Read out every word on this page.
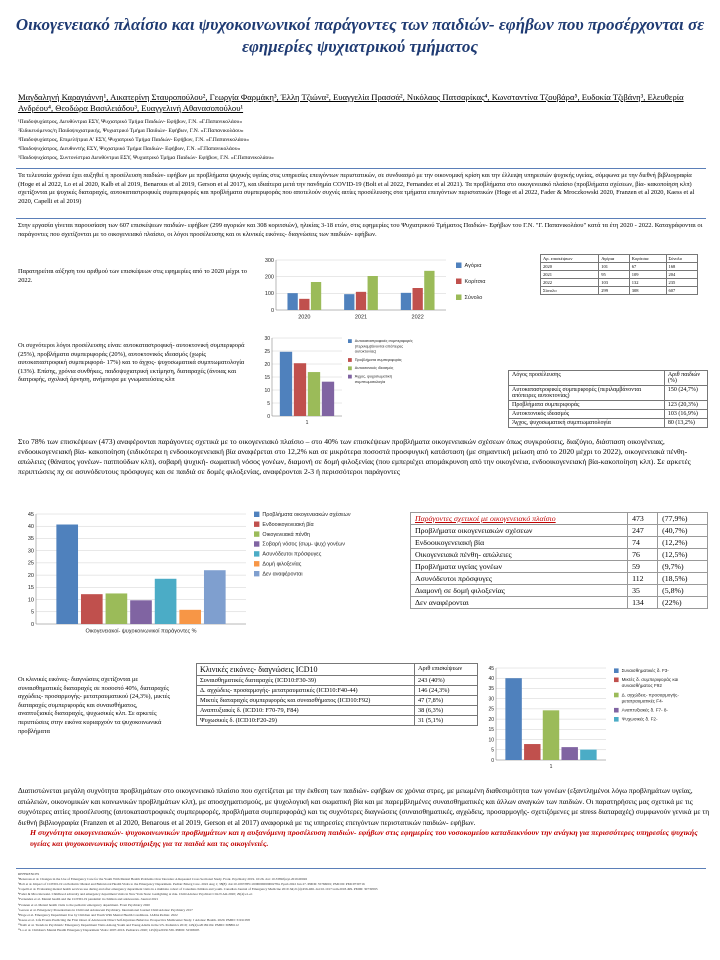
Οικογενειακό πλαίσιο και ψυχοκοινωνικοί παράγοντες των παιδιών- εφήβων που προσέρχονται σε εφημερίες ψυχιατρικού τμήματος
Μαγδαληνή Καραγιάννη¹, Αικατερίνη Σταυροπούλου², Γεωργία Φαρμάκη³, Έλλη Τζιώνα², Ευαγγελία Πρασσά², Νικόλαος Πατσαρίκας⁴, Κωνσταντίνα Τζουβάρα⁵, Ευδοκία Τζιβάνη³, Ελευθερία Ανδρέου⁴, Θεοδώρα Βασιλειάδου³, Ευαγγελινή Αθανασοπούλου¹
¹Παιδοψυχίατρος, Διευθύντρια ΕΣΥ, Ψυχιατρικό Τμήμα Παιδιών- Εφήβων, Γ.Ν. «Γ.Παπανικολάου»
²Ειδικευόμενος/η Παιδοψυχιατρικής, Ψυχιατρικό Τμήμα Παιδιών- Εφήβων, Γ.Ν. «Γ.Παπανικολάου»
³Παιδοψυχίατρος, Επιμελήτρια Α' ΕΣΥ, Ψυχιατρικό Τμήμα Παιδιών- Εφήβων, Γ.Ν. «Γ.Παπανικολάου»
⁴Παιδοψυχίατρος, Διευθυντής ΕΣΥ, Ψυχιατρικό Τμήμα Παιδιών- Εφήβων, Γ.Ν. «Γ.Παπανικολάου»
⁵Παιδοψυχίατρος, Συντονίστρια Διευθύντρια ΕΣΥ, Ψυχιατρικό Τμήμα Παιδιών- Εφήβων, Γ.Ν. «Γ.Παπανικολάου»
Τα τελευταία χρόνια έχει αυξηθεί η προσέλευση παιδιών- εφήβων με προβλήματα ψυχικής υγείας στις υπηρεσίες επειγόντων περιστατικών, σε συνδυασμό με την οικονομική κρίση και την έλλειψη υπηρεσιών ψυχικής υγείας, σύμφωνα με την διεθνή βιβλιογραφία (Hoge et al 2022, Lo et al 2020, Kalb et al 2019, Benarous et al 2019, Gerson et al 2017), και ιδιαίτερα μετά την πανδημία COVID-19 (Bolt et al 2022, Fernandez et al 2021). Τα προβλήματα στο οικογενειακό πλαίσιο (προβλήματα σχέσεων, βία- κακοποίηση κλπ) σχετίζονται με ψυχικές διαταραχές, αυτοκαταστροφικές συμπεριφορές και προβλήματα συμπεριφοράς που αποτελούν συχνές αιτίες προσέλευσης στα τμήματα επειγόντων περιστατικών (Hoge et al 2022, Fader & Mroczkowski 2020, Franzen et al 2020, Kaess et al 2020, Capelli et al 2019)
Στην εργασία γίνεται παρουσίαση των 607 επισκέψεων παιδιών- εφήβων (299 αγοριών και 308 κοριτσιών), ηλικίας 3-18 ετών, στις εφημερίες του Ψυχιατρικού Τμήματος Παιδιών- Εφήβων του Γ.Ν. "Γ. Παπανικολάου" κατά τα έτη 2020 - 2022. Καταγράφονται οι παράγοντες που σχετίζονται με το οικογενειακό πλαίσιο, οι λόγοι προσέλευσης και οι κλινικές εικόνες- διαγνώσεις των παιδιών- εφήβων.
Παρατηρείται αύξηση του αριθμού των επισκέψεων στις εφημερίες από το 2020 μέχρι το 2022.
0
100
200
300
2020	2021	2022
Αγόρια
Κορίτσια
Σύνολο
Αρ. επισκέψεων	Αγόρια	Κορίτσια	Σύνολο
2020	101	67	168
2021	95	109	204
2022	103	132	235
Σύνολο	299	308	607
Οι συχνότεροι λόγοι προσέλευσης είναι: αυτοκαταστροφική- αυτοκτονική συμπεριφορά (25%), προβλήματα συμπεριφοράς (20%), αυτοκτονικός ιδεασμός (χωρίς αυτοκαταστροφική συμπεριφορά- 17%) και το άγχος- ψυχοσωματικά συμπτωματολογία (13%). Επίσης, χρόνια συνθήκες, παιδοψυχιατρική εκτίμηση, διαταραχές (άνοιας και διατροφής, σχολική άρνηση, ανήμπορα με γνωματεύσεις κλπ
0
5
10
15
20
25
30
1
Αυτοκαταστροφικές συμπεριφορές
(περιλαμβάνονται απόπειρες
αυτοκτονίας)
Προβλήματα συμπεριφοράς
Αυτοκτονικός ιδεασμός
Άγχος, ψυχοσωματική
συμπτωματολογία
Λόγος προσέλευσης	Αριθ παιδιών (%)
Αυτοκαταστροφικές συμπεριφορές (περιλαμβάνονται απόπειρες αυτοκτονίας)	150 (24,7%)
Προβλήματα συμπεριφοράς	123 (20,3%)
Αυτοκτονικός ιδεασμός	103 (16,9%)
Άγχος, ψυχοσωματική συμπτωματολογία	80 (13,2%)
Στο 78% των επισκέψεων (473) αναφέρονται παράγοντες σχετικά με το οικογενειακό πλαίσιο – στο 40% των επισκέψεων προβλήματα οικογενειακών σχέσεων όπως συγκρούσεις, διαζύγιο, διάσπαση οικογένειας, ενδοοικογενειακή βία- κακοποίηση (ειδικότερα η ενδοοικογενειακή βία αναφέρεται στο 12,2% και σε μικρότερα ποσοστά προσφυγική κατάσταση (με σημαντική μείωση από το 2020 μέχρι το 2022), οικογενειακά πένθη- απώλειες (θάνατος γονέων- παππούδων κλπ), σοβαρή ψυχική- σωματική νόσος γονέων, διαμονή σε δομή φιλοξενίας (που εμπεριέχει απομάκρυνση από την οικογένεια, ενδοοικογενειακή βία-κακοποίηση κλπ). Σε αρκετές περιπτώσεις πχ σε ασυνόδευτους πρόσφυγες και σε παιδιά σε δομές φιλοξενίας, αναφέρονται 2-3 ή περισσότεροι παράγοντες
0
5
10
15
20
25
30
35
40
45
Οικογενειακοί- ψυχοκοινωνικοί παράγοντες %
Προβλήματα οικογενειακών σχέσεων
Ενδοοικογενειακή βία
Οικογενειακά πένθη
Σοβαρή νόσος (σωμ- ψυχ) γονέων
Ασυνόδευτοι πρόσφυγες
Δομή φιλοξενίας
Δεν αναφέρονται
Παράγοντες σχετικοί με οικογενειακό πλαίσιο	473	(77,9%)
Προβλήματα οικογενειακών σχέσεων	247	(40,7%)
Ενδοοικογενειακή βία	74	(12,2%)
Οικογενειακά πένθη- απώλειες	76	(12,5%)
Προβλήματα υγείας γονέων	59	(9,7%)
Ασυνόδευτοι πρόσφυγες	112	(18,5%)
Διαμονή σε δομή φιλοξενίας	35	(5,8%)
Δεν αναφέρονται	134	(22%)
Οι κλινικές εικόνες- διαγνώσεις σχετίζονται με συναισθηματικές διαταραχές σε ποσοστό 40%, διαταραχές αγχώδεις- προσαρμογής- μετατραυματικού (24,3%), μικτές διαταραχές συμπεριφοράς και συναισθήματος, αναπτυξιακές διαταραχές, ψυχωσικές κλπ. Σε αρκετές περιπτώσεις στην εικόνα κυριαρχούν τα ψυχοκοινωνικά προβλήματα
Κλινικές εικόνες- διαγνώσεις ICD10	Αριθ επισκέψεων
Συναισθηματικές διαταραχές (ICD10:F30-39)	243 (40%)
Δ. αγχώδεις- προσαρμογής- μετατραυματικές (ICD10:F40-44)	146 (24,3%)
Μικτές διαταραχές συμπεριφοράς και συναισθήματος (ICD10:F92)	47 (7,8%)
Αναπτυξιακές δ. (ICD10: F70-79, F84)	38 (6,3%)
Ψυχωσικές δ. (ICD10:F20-29)	31 (5,1%)
0
5
10
15
20
25
30
35
40
45
1
Συναισθηματικές δ. F3-
Μικτές δ. συμπεριφοράς και
συναισθήματος F92
Δ. αγχώδεις- προσαρμογής-
μετατραυματικές F4-
Αναπτυξιακές δ. F7- 8-
Ψυχωσικές δ. F2-
Διαπιστώνεται μεγάλη συχνότητα προβλημάτων στο οικογενειακό πλαίσιο που σχετίζεται με την έκθεση των παιδιών- εφήβων σε χρόνια στρες, με μειωμένη διαθεσιμότητα των γονέων (εξαντλημένοι λόγω προβλημάτων υγείας, απώλειών, οικονομικών και κοινωνικών προβλημάτων κλπ), με αποσχηματισμούς, με ψυχολογική και σωματική βία και με παρεμβλημένες συναισθηματικές και άλλων αναγκών των παιδιών. Οι παρατηρήσεις μας σχετικά με τις συχνότερες αιτίες προσέλευσης (αυτοκαταστροφικές συμπεριφορές, προβλήματα συμπεριφοράς) και τις συχνότερες διαγνώσεις (συναισθηματικές, αγχώδεις, προσαρμογής- σχετιζόμενες με stress διαταραχές) συμφωνούν γενικά με τη διεθνή βιβλιογραφία (Franzen et al 2020, Benarous et al 2019, Gerson et al 2017) αναφορικά με τις υπηρεσίες επειγόντων περιστατικών παιδιών- εφήβων.
Η συχνότητα οικογενειακών- ψυχοκοινωνικών προβλημάτων και η αυξανόμενη προσέλευση παιδιών- εφήβων στις εφημερίες του νοσοκομείου καταδεικνύουν την ανάγκη για περισσότερες υπηρεσίες ψυχικής υγείας και ψυχοκοινωνικής υποστήριξης για τα παιδιά και τις οικογένειές.
REFERENCES
¹Benarous et al. Changes in the Use of Emergency Care for the Youth With Mental Health Problems Over Decades: A Repeated Cross Sectional Study. Front. Psychiatry 2019. 10:26. doi: 10.3389/fpsyt.2019.00026
²Bolt et al. Impact of COVID-19 on Pediatric Mental and Behavioral Health Visits to the Emergency Department. Pediatr Emerg Care. 2022 Aug 1; 38(8): doi:10.1097/PEC.0000000000002784. Epub 2022 Jun 27. PMID: 35766001; PMCID: PMC9730716
³Capelli et al. Evaluating mental health services use during and after emergency department visits in a multisite cohort of Canadian children and youth. Canadian Journal of Emergency Medicine 2019 Jul;21(4):456-466. doi:10.1017/cem.2018.499. PMID: 30739595
⁴Fader & Mroczkowski. Childhood adversity and emergency department visits in New York State: Gaslighting at risk. Child Adolesc Psychiatr Clin N Am 2020; 29(4):e1-e1
⁵Fernandez et al. Mental health and the COVID-19 pandemic in children and adolescents. Journal 2021
⁶Franzen et al. Mental health visits to the pediatric emergency department. Front Psychiatry 2020
⁷Gerson et al. Emergency Presentations in Child and Adolescent Psychiatry. International Journal Child Adolesc Psychiatry 2017
⁸Hoge et al. Emergency Department Use by Children and Youth With Mental Health Conditions. JAMA Pediatr. 2022
⁹Kaess et al. Life Events Predicting the First Onset of Adolescent Direct Self-Injurious Behavior. Prospective Multicenter Study. J Adolesc Health. 2020. PMID: 31911058
¹⁰Kalb et al. Trends in Psychiatric Emergency Department Visits Among Youth and Young Adults in the US. Pediatrics 2019; 143(4):e20182192. PMID: 30886112
¹¹Lo et al. Children's Mental Health Emergency Department Visits: 2007-2016. Pediatrics 2020; 145(6):e20191536. PMID: 32393605
